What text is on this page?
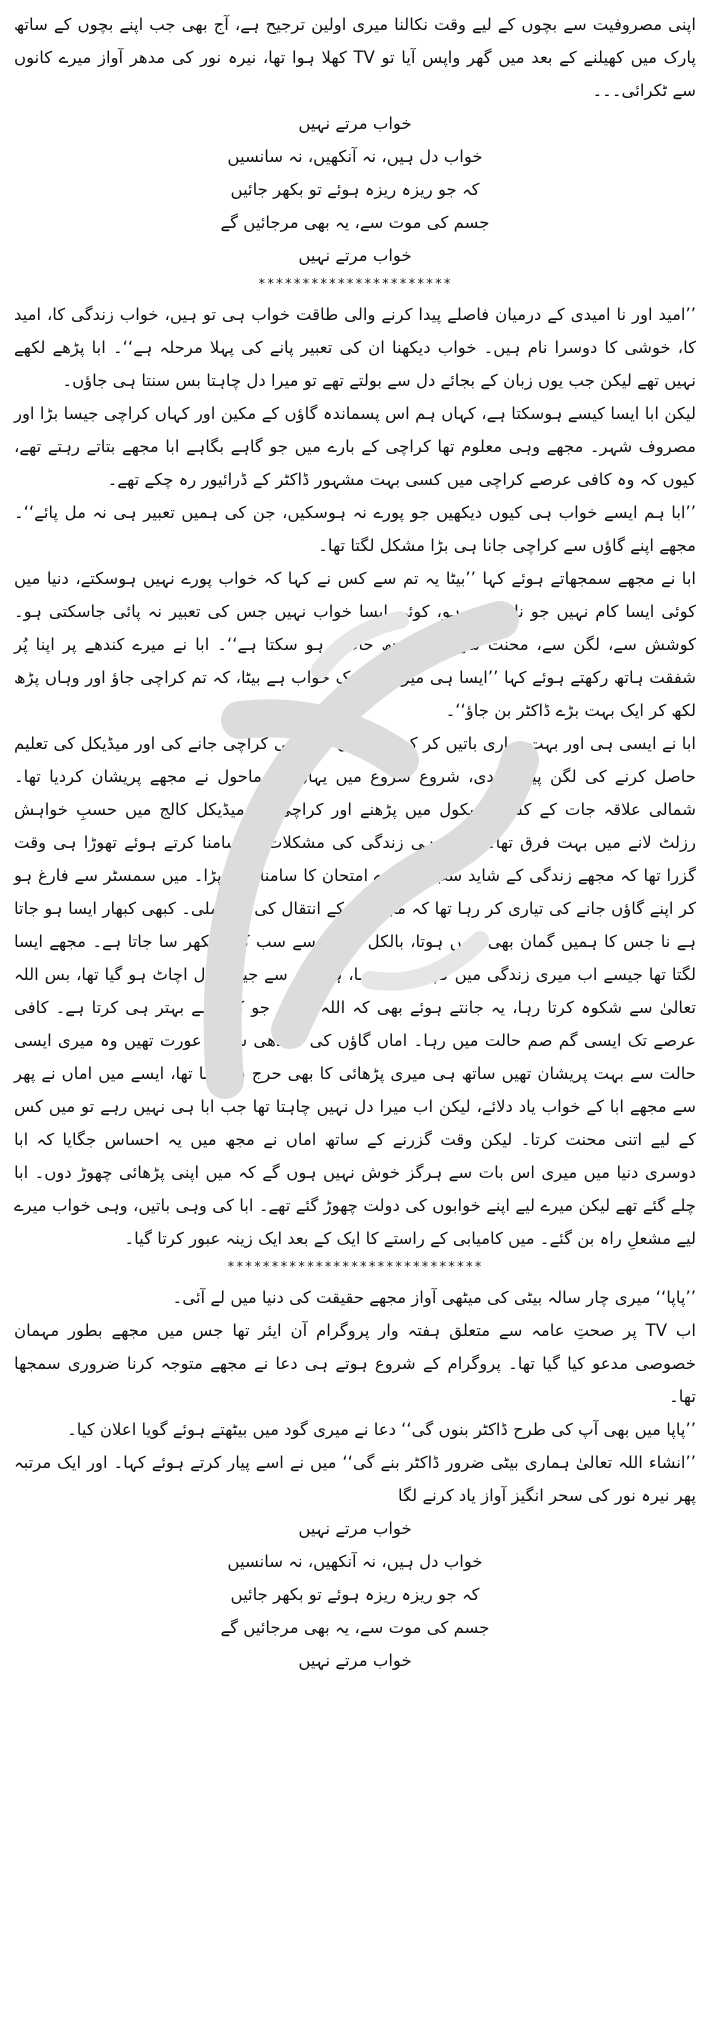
اپنی مصروفیت سے بچوں کے لیے وقت نکالنا میری اولین ترجیح ہے، آج بھی جب اپنے بچوں کے ساتھ پارک میں کھیلنے کے بعد میں گھر واپس آیا تو TV کھلا ہوا تھا، نیرہ نور کی مدھر آواز میرے کانوں سے ٹکرائی۔۔۔

خواب مرتے نہیں
خواب دل ہیں، نہ آنکھیں، نہ سانسیں
کہ جو ریزہ ریزہ ہوئے تو بکھر جائیں
جسم کی موت سے، یہ بھی مرجائیں گے
خواب مرتے نہیں

**********************

’’امید اور نا امیدی کے درمیان فاصلے پیدا کرنے والی طاقت خواب ہی تو ہیں، خواب زندگی کا، امید کا، خوشی کا دوسرا نام ہیں۔ خواب دیکھنا ان کی تعبیر پانے کی پہلا مرحلہ ہے‘‘۔ ابا پڑھے لکھے نہیں تھے لیکن جب یوں زبان کے بجائے دل سے بولتے تھے تو میرا دل چاہتا بس سنتا ہی جاؤں۔

لیکن ابا ایسا کیسے ہوسکتا ہے، کہاں ہم اس پسماندہ گاؤں کے مکین اور کہاں کراچی جیسا بڑا اور مصروف شہر۔ مجھے وہی معلوم تھا کراچی کے بارے میں جو گاہے بگاہے ابا مجھے بتاتے رہتے تھے، کیوں کہ وہ کافی عرصے کراچی میں کسی بہت مشہور ڈاکٹر کے ڈرائیور رہ چکے تھے۔

’’ابا ہم ایسے خواب ہی کیوں دیکھیں جو پورے نہ ہوسکیں، جن کی ہمیں تعبیر ہی نہ مل پائے‘‘۔ مجھے اپنے گاؤں سے کراچی جانا ہی بڑا مشکل لگتا تھا۔

ابا نے مجھے سمجھاتے ہوئے کہا ’’بیٹا یہ تم سے کس نے کہا کہ خواب پورے نہیں ہوسکتے، دنیا میں کوئی ایسا کام نہیں جو نا ممکن ہو، کوئی ایسا خواب نہیں جس کی تعبیر نہ پائی جاسکتی ہو۔ کوشش سے، لگن سے، محنت سے سب کچھ حاصل ہو سکتا ہے‘‘۔ ابا نے میرے کندھے پر اپنا پُر شفقت ہاتھ رکھتے ہوئے کہا ’’ایسا ہی میرا بھی ایک خواب ہے بیٹا، کہ تم کراچی جاؤ اور وہاں پڑھ لکھ کر ایک بہت بڑے ڈاکٹر بن جاؤ‘‘۔

ابا نے ایسی ہی اور بہت ساری باتیں کر کے میرے دل میں بھی کراچی جانے کی اور میڈیکل کی تعلیم حاصل کرنے کی لگن پیدا کردی، شروع شروع میں یہاں کے ماحول نے مجھے پریشان کردیا تھا۔ شمالی علاقہ جات کے کسی اسکول میں پڑھنے اور کراچی کے میڈیکل کالج میں حسبِ خواہش رزلٹ لانے میں بہت فرق تھا۔ ایسی ہی زندگی کی مشکلات کا سامنا کرتے ہوئے تھوڑا ہی وقت گزرا تھا کہ مجھے زندگی کے شاید سب سے بڑے امتحان کا سامنا کرنا پڑا۔ میں سمسٹر سے فارغ ہو کر اپنے گاؤں جانے کی تیاری کر رہا تھا کہ مجھے ابا کے انتقال کی خبر ملی۔ کبھی کبھار ایسا ہو جاتا ہے نا جس کا ہمیں گمان بھی نہیں ہوتا، بالکل اچانک سے سب کچھ بکھر سا جاتا ہے۔ مجھے ایسا لگتا تھا جیسے اب میری زندگی میں کچھ نہیں رہا، ہر چیز سے جیسے دل اچاٹ ہو گیا تھا، بس اللہ تعالیٰ سے شکوہ کرتا رہا، یہ جانتے ہوئے بھی کہ اللہ تعالیٰ جو کرتا ہے بہتر ہی کرتا ہے۔ کافی عرصے تک ایسی گم صم حالت میں رہا۔ اماں گاؤں کی سیدھی سادی عورت تھیں وہ میری ایسی حالت سے بہت پریشان تھیں ساتھ ہی میری پڑھائی کا بھی حرج ہو رہا تھا، ایسے میں اماں نے پھر سے مجھے ابا کے خواب یاد دلائے، لیکن اب میرا دل نہیں چاہتا تھا جب ابا ہی نہیں رہے تو میں کس کے لیے اتنی محنت کرتا۔ لیکن وقت گزرنے کے ساتھ اماں نے مجھ میں یہ احساس جگایا کہ ابا دوسری دنیا میں میری اس بات سے ہرگز خوش نہیں ہوں گے کہ میں اپنی پڑھائی چھوڑ دوں۔ ابا چلے گئے تھے لیکن میرے لیے اپنے خوابوں کی دولت چھوڑ گئے تھے۔ ابا کی وہی باتیں، وہی خواب میرے لیے مشعلِ راہ بن گئے۔ میں کامیابی کے راستے کا ایک کے بعد ایک زینہ عبور کرتا گیا۔

*****************************

’’پاپا‘‘ میری چار سالہ بیٹی کی میٹھی آواز مجھے حقیقت کی دنیا میں لے آئی۔

اب TV پر صحتِ عامہ سے متعلق ہفتہ وار پروگرام آن ایئر تھا جس میں مجھے بطور مہمان خصوصی مدعو کیا گیا تھا۔ پروگرام کے شروع ہوتے ہی دعا نے مجھے متوجہ کرنا ضروری سمجھا تھا۔

’’پاپا میں بھی آپ کی طرح ڈاکٹر بنوں گی‘‘ دعا نے میری گود میں بیٹھتے ہوئے گویا اعلان کیا۔

’’انشاء اللہ تعالیٰ ہماری بیٹی ضرور ڈاکٹر بنے گی‘‘ میں نے اسے پیار کرتے ہوئے کہا۔ اور ایک مرتبہ پھر نیرہ نور کی سحر انگیز آواز یاد کرنے لگا

خواب مرتے نہیں
خواب دل ہیں، نہ آنکھیں، نہ سانسیں
کہ جو ریزہ ریزہ ہوئے تو بکھر جائیں
جسم کی موت سے، یہ بھی مرجائیں گے
خواب مرتے نہیں
